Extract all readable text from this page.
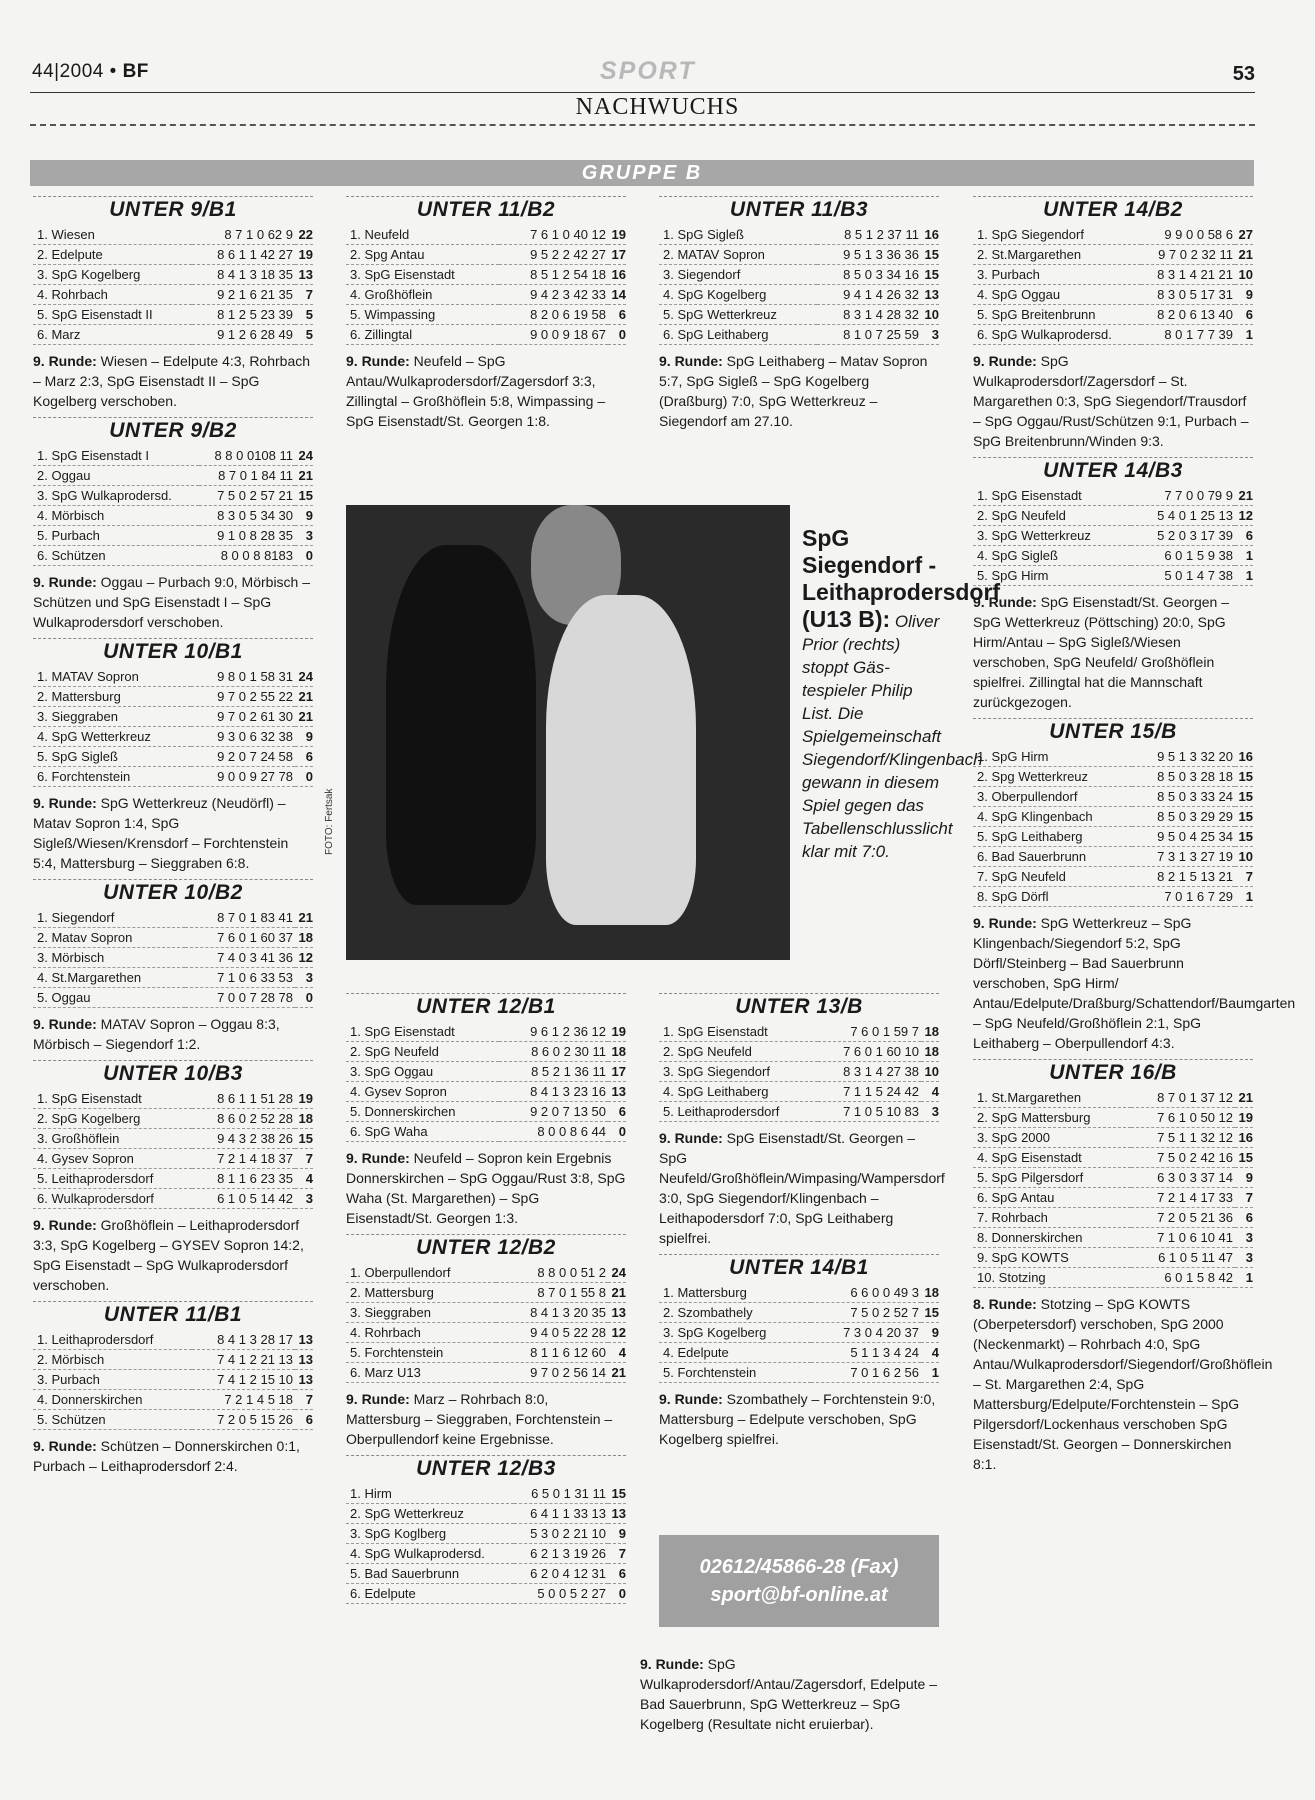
44|2004 • BF	SPORT	53
NACHWUCHS
GRUPPE B
UNTER 9/B1
1. Wiesen	8 7 1 0 62 9	22
2. Edelpute	8 6 1 1 42 27	19
3. SpG Kogelberg	8 4 1 3 18 35	13
4. Rohrbach	9 2 1 6 21 35	7
5. SpG Eisenstadt II	8 1 2 5 23 39	5
6. Marz	9 1 2 6 28 49	5
9. Runde: Wiesen – Edelpute 4:3, Rohrbach – Marz 2:3, SpG Eisenstadt II – SpG Kogelberg verschoben.
UNTER 9/B2
1. SpG Eisenstadt I	8 8 0 0108 11	24
2. Oggau	8 7 0 1 84 11	21
3. SpG Wulkaprodersd.	7 5 0 2 57 21	15
4. Mörbisch	8 3 0 5 34 30	9
5. Purbach	9 1 0 8 28 35	3
6. Schützen	8 0 0 8 8183	0
9. Runde: Oggau – Purbach 9:0, Mörbisch – Schützen und SpG Eisenstadt I – SpG Wulkaprodersdorf verschoben.
UNTER 10/B1
1. MATAV Sopron	9 8 0 1 58 31	24
2. Mattersburg	9 7 0 2 55 22	21
3. Sieggraben	9 7 0 2 61 30	21
4. SpG Wetterkreuz	9 3 0 6 32 38	9
5. SpG Sigleß	9 2 0 7 24 58	6
6. Forchtenstein	9 0 0 9 27 78	0
9. Runde: SpG Wetterkreuz (Neudörfl) – Matav Sopron 1:4, SpG Sigleß/Wiesen/Krensdorf – Forchtenstein 5:4, Mattersburg – Sieggraben 6:8.
UNTER 10/B2
1. Siegendorf	8 7 0 1 83 41	21
2. Matav Sopron	7 6 0 1 60 37	18
3. Mörbisch	7 4 0 3 41 36	12
4. St.Margarethen	7 1 0 6 33 53	3
5. Oggau	7 0 0 7 28 78	0
9. Runde: MATAV Sopron – Oggau 8:3, Mörbisch – Siegendorf 1:2.
UNTER 10/B3
1. SpG Eisenstadt	8 6 1 1 51 28	19
2. SpG Kogelberg	8 6 0 2 52 28	18
3. Großhöflein	9 4 3 2 38 26	15
4. Gysev Sopron	7 2 1 4 18 37	7
5. Leithaprodersdorf	8 1 1 6 23 35	4
6. Wulkaprodersdorf	6 1 0 5 14 42	3
9. Runde: Großhöflein – Leithaprodersdorf 3:3, SpG Kogelberg – GYSEV Sopron 14:2, SpG Eisenstadt – SpG Wulkaprodersdorf verschoben.
UNTER 11/B1
1. Leithaprodersdorf	8 4 1 3 28 17	13
2. Mörbisch	7 4 1 2 21 13	13
3. Purbach	7 4 1 2 15 10	13
4. Donnerskirchen	7 2 1 4 5 18	7
5. Schützen	7 2 0 5 15 26	6
9. Runde: Schützen – Donnerskirchen 0:1, Purbach – Leithaprodersdorf 2:4.
UNTER 11/B2
1. Neufeld	7 6 1 0 40 12	19
2. Spg Antau	9 5 2 2 42 27	17
3. SpG Eisenstadt	8 5 1 2 54 18	16
4. Großhöflein	9 4 2 3 42 33	14
5. Wimpassing	8 2 0 6 19 58	6
6. Zillingtal	9 0 0 9 18 67	0
9. Runde: Neufeld – SpG Antau/Wulkaprodersdorf/Zagersdorf 3:3, Zillingtal – Großhöflein 5:8, Wimpassing – SpG Eisenstadt/St. Georgen 1:8.
UNTER 11/B3
1. SpG Sigleß	8 5 1 2 37 11	16
2. MATAV Sopron	9 5 1 3 36 36	15
3. Siegendorf	8 5 0 3 34 16	15
4. SpG Kogelberg	9 4 1 4 26 32	13
5. SpG Wetterkreuz	8 3 1 4 28 32	10
6. SpG Leithaberg	8 1 0 7 25 59	3
9. Runde: SpG Leithaberg – Matav Sopron 5:7, SpG Sigleß – SpG Kogelberg (Draßburg) 7:0, SpG Wetterkreuz – Siegendorf am 27.10.
UNTER 14/B2
1. SpG Siegendorf	9 9 0 0 58 6	27
2. St.Margarethen	9 7 0 2 32 11	21
3. Purbach	8 3 1 4 21 21	10
4. SpG Oggau	8 3 0 5 17 31	9
5. SpG Breitenbrunn	8 2 0 6 13 40	6
6. SpG Wulkaprodersd.	8 0 1 7 7 39	1
9. Runde: SpG Wulkaprodersdorf/Zagersdorf – St. Margarethen 0:3, SpG Siegendorf/Trausdorf – SpG Oggau/Rust/Schützen 9:1, Purbach – SpG Breitenbrunn/Winden 9:3.
UNTER 14/B3
1. SpG Eisenstadt	7 7 0 0 79 9	21
2. SpG Neufeld	5 4 0 1 25 13	12
3. SpG Wetterkreuz	5 2 0 3 17 39	6
4. SpG Sigleß	6 0 1 5 9 38	1
5. SpG Hirm	5 0 1 4 7 38	1
9. Runde: SpG Eisenstadt/St. Georgen – SpG Wetterkreuz (Pöttsching) 20:0, SpG Hirm/Antau – SpG Sigleß/Wiesen verschoben, SpG Neufeld/ Großhöflein spielfrei. Zillingtal hat die Mannschaft zurückgezogen.
UNTER 15/B
1. SpG Hirm	9 5 1 3 32 20	16
2. Spg Wetterkreuz	8 5 0 3 28 18	15
3. Oberpullendorf	8 5 0 3 33 24	15
4. SpG Klingenbach	8 5 0 3 29 29	15
5. SpG Leithaberg	9 5 0 4 25 34	15
6. Bad Sauerbrunn	7 3 1 3 27 19	10
7. SpG Neufeld	8 2 1 5 13 21	7
8. SpG Dörfl	7 0 1 6 7 29	1
9. Runde: SpG Wetterkreuz – SpG Klingenbach/Siegendorf 5:2, SpG Dörfl/Steinberg – Bad Sauerbrunn verschoben, SpG Hirm/ Antau/Edelpute/Draßburg/Schattendorf/Baumgarten – SpG Neufeld/Großhöflein 2:1, SpG Leithaberg – Oberpullendorf 4:3.
UNTER 16/B
1. St.Margarethen	8 7 0 1 37 12	21
2. SpG Mattersburg	7 6 1 0 50 12	19
3. SpG 2000	7 5 1 1 32 12	16
4. SpG Eisenstadt	7 5 0 2 42 16	15
5. SpG Pilgersdorf	6 3 0 3 37 14	9
6. SpG Antau	7 2 1 4 17 33	7
7. Rohrbach	7 2 0 5 21 36	6
8. Donnerskirchen	7 1 0 6 10 41	3
9. SpG KOWTS	6 1 0 5 11 47	3
10. Stotzing	6 0 1 5 8 42	1
8. Runde: Stotzing – SpG KOWTS (Oberpetersdorf) verschoben, SpG 2000 (Neckenmarkt) – Rohrbach 4:0, SpG Antau/Wulkaprodersdorf/Siegendorf/Großhöflein – St. Margarethen 2:4, SpG Mattersburg/Edelpute/Forchtenstein – SpG Pilgersdorf/Lockenhaus verschoben SpG Eisenstadt/St. Georgen – Donnerskirchen 8:1.
FOTO: Fertsak
SpG Siegendorf - Leithaprodersdorf (U13 B): Oliver Prior (rechts) stoppt Gäs-tespieler Philip List. Die Spielgemeinschaft Siegendorf/Klingenbach gewann in diesem Spiel gegen das Tabellenschlusslicht klar mit 7:0.
UNTER 12/B1
1. SpG Eisenstadt	9 6 1 2 36 12	19
2. SpG Neufeld	8 6 0 2 30 11	18
3. SpG Oggau	8 5 2 1 36 11	17
4. Gysev Sopron	8 4 1 3 23 16	13
5. Donnerskirchen	9 2 0 7 13 50	6
6. SpG Waha	8 0 0 8 6 44	0
9. Runde: Neufeld – Sopron kein Ergebnis Donnerskirchen – SpG Oggau/Rust 3:8, SpG Waha (St. Margarethen) – SpG Eisenstadt/St. Georgen 1:3.
UNTER 12/B2
1. Oberpullendorf	8 8 0 0 51 2	24
2. Mattersburg	8 7 0 1 55 8	21
3. Sieggraben	8 4 1 3 20 35	13
4. Rohrbach	9 4 0 5 22 28	12
5. Forchtenstein	8 1 1 6 12 60	4
6. Marz U13	9 7 0 2 56 14	21
9. Runde: Marz – Rohrbach 8:0, Mattersburg – Sieggraben, Forchtenstein – Oberpullendorf keine Ergebnisse.
UNTER 12/B3
1. Hirm	6 5 0 1 31 11	15
2. SpG Wetterkreuz	6 4 1 1 33 13	13
3. SpG Koglberg	5 3 0 2 21 10	9
4. SpG Wulkaprodersd.	6 2 1 3 19 26	7
5. Bad Sauerbrunn	6 2 0 4 12 31	6
6. Edelpute	5 0 0 5 2 27	0
UNTER 13/B
1. SpG Eisenstadt	7 6 0 1 59 7	18
2. SpG Neufeld	7 6 0 1 60 10	18
3. SpG Siegendorf	8 3 1 4 27 38	10
4. SpG Leithaberg	7 1 1 5 24 42	4
5. Leithaprodersdorf	7 1 0 5 10 83	3
9. Runde: SpG Eisenstadt/St. Georgen – SpG Neufeld/Großhöflein/Wimpasing/Wampersdorf 3:0, SpG Siegendorf/Klingenbach – Leithapodersdorf 7:0, SpG Leithaberg spielfrei.
UNTER 14/B1
1. Mattersburg	6 6 0 0 49 3	18
2. Szombathely	7 5 0 2 52 7	15
3. SpG Kogelberg	7 3 0 4 20 37	9
4. Edelpute	5 1 1 3 4 24	4
5. Forchtenstein	7 0 1 6 2 56	1
9. Runde: Szombathely – Forchtenstein 9:0, Mattersburg – Edelpute verschoben, SpG Kogelberg spielfrei.
02612/45866-28 (Fax)
sport@bf-online.at
9. Runde: SpG Wulkaprodersdorf/Antau/Zagersdorf, Edelpute – Bad Sauerbrunn, SpG Wetterkreuz – SpG Kogelberg (Resultate nicht eruierbar).
